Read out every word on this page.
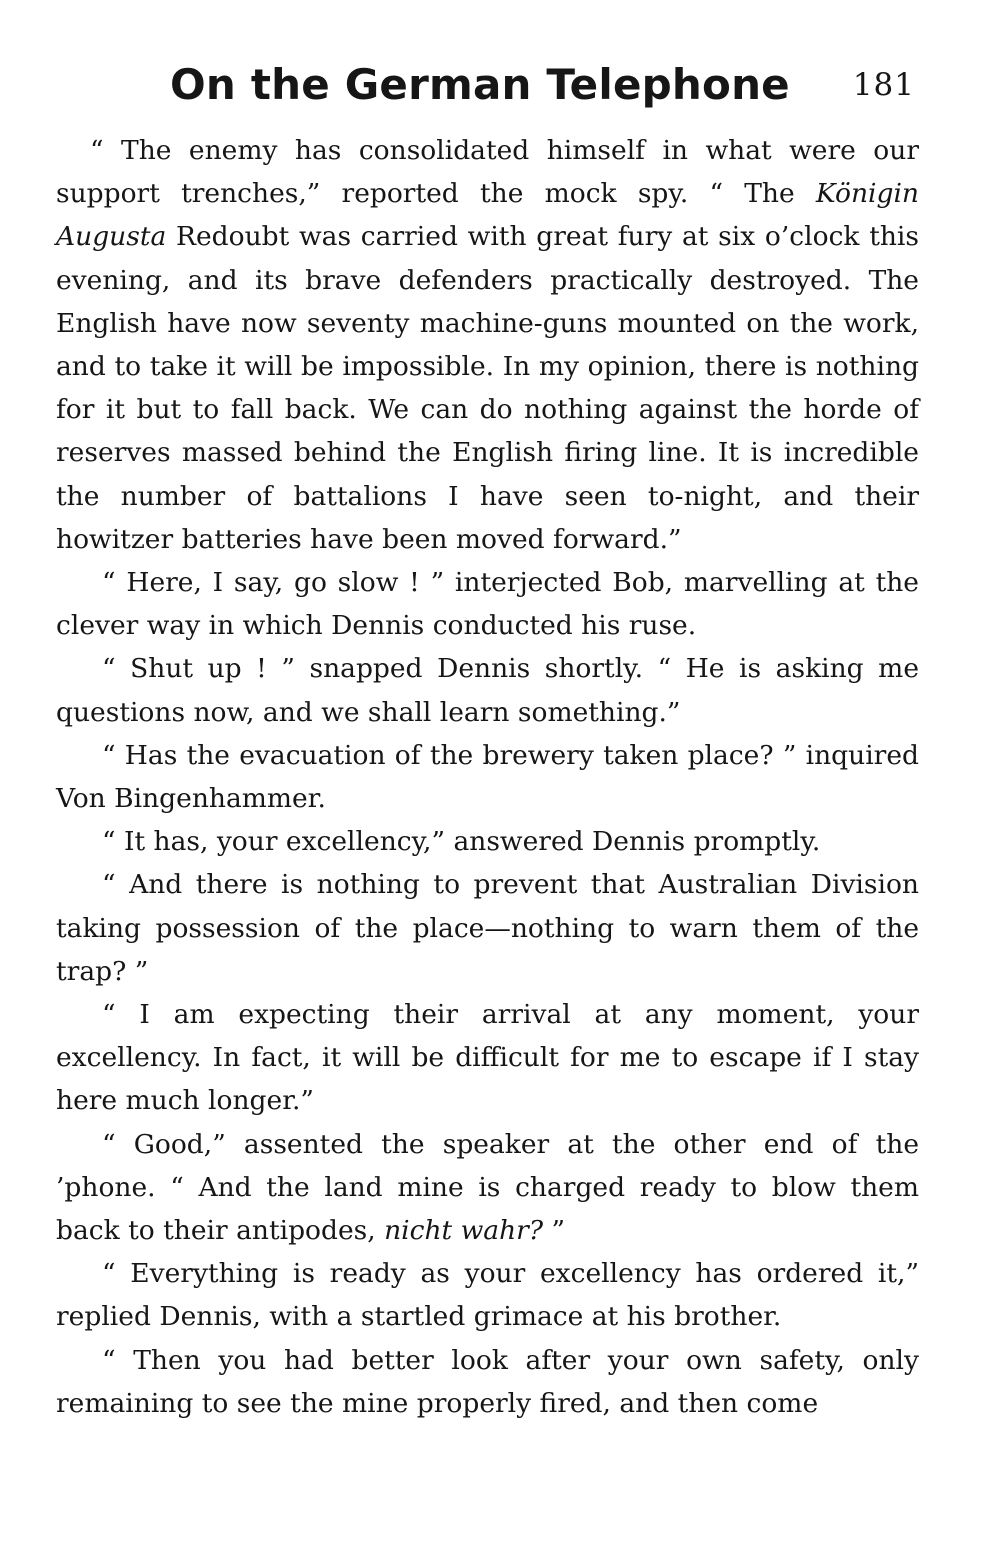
On the German Telephone 181

“ The enemy has consolidated himself in what were our support trenches,” reported the mock spy. “ The Königin Augusta Redoubt was carried with great fury at six o’clock this evening, and its brave defenders practically destroyed. The English have now seventy machine-guns mounted on the work, and to take it will be impossible. In my opinion, there is nothing for it but to fall back. We can do nothing against the horde of reserves massed behind the English firing line. It is incredible the number of battalions I have seen to-night, and their howitzer batteries have been moved forward.”

“ Here, I say, go slow ! ” interjected Bob, marvelling at the clever way in which Dennis conducted his ruse.

“ Shut up ! ” snapped Dennis shortly. “ He is asking me questions now, and we shall learn something.”

“ Has the evacuation of the brewery taken place? ” inquired Von Bingenhammer.

“ It has, your excellency,” answered Dennis promptly.

“ And there is nothing to prevent that Australian Division taking possession of the place—nothing to warn them of the trap? ”

“ I am expecting their arrival at any moment, your excellency. In fact, it will be difficult for me to escape if I stay here much longer.”

“ Good,” assented the speaker at the other end of the ’phone. “ And the land mine is charged ready to blow them back to their antipodes, nicht wahr? ”

“ Everything is ready as your excellency has ordered it,” replied Dennis, with a startled grimace at his brother.

“ Then you had better look after your own safety, only remaining to see the mine properly fired, and then come
